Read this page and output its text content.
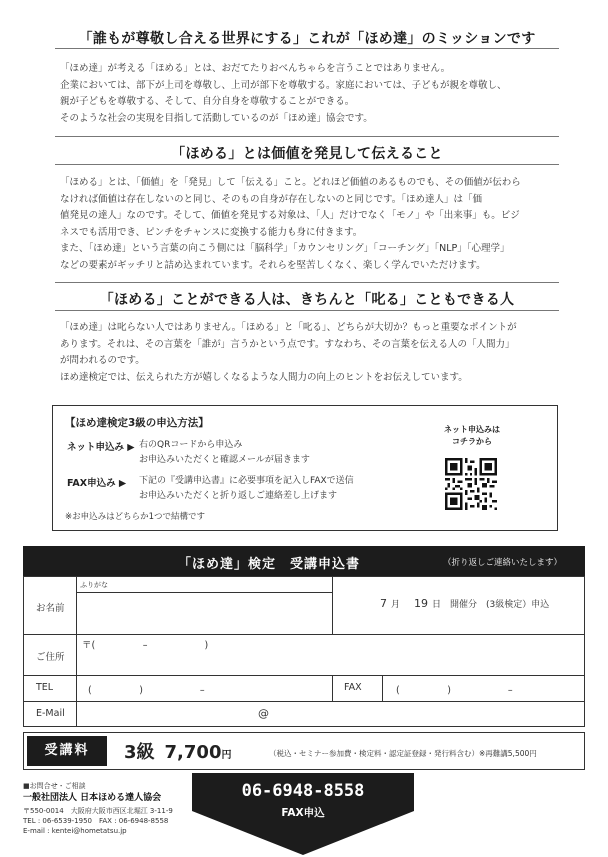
「誰もが尊敬し合える世界にする」これが「ほめ達」のミッションです

「ほめ達」が考える「ほめる」とは、おだてたりおべんちゃらを言うことではありません。

企業においては、部下が上司を尊敬し、上司が部下を尊敬する。家庭においては、子どもが親を尊敬し、

親が子どもを尊敬する、そして、自分自身を尊敬することができる。

そのような社会の実現を目指して活動しているのが「ほめ達」協会です。

「ほめる」とは価値を発見して伝えること

「ほめる」とは、「価値」を「発見」して「伝える」こと。どれほど価値のあるものでも、その価値が伝わら

なければ価値は存在しないのと同じ、そのもの自身が存在しないのと同じです。「ほめ達人」は「価

値発見の達人」なのです。そして、価値を発見する対象は、「人」だけでなく「モノ」や「出来事」も。ビジ

ネスでも活用でき、ピンチをチャンスに変換する能力も身に付きます。

また、「ほめ達」という言葉の向こう側には「脳科学」「カウンセリング」「コーチング」「NLP」「心理学」

などの要素がギッチリと詰め込まれています。それらを堅苦しくなく、楽しく学んでいただけます。

「ほめる」ことができる人は、きちんと「叱る」こともできる人

「ほめ達」は叱らない人ではありません。「ほめる」と「叱る」、どちらが大切か？もっと重要なポイントが

あります。それは、その言葉を「誰が」言うかという点です。すなわち、その言葉を伝える人の「人間力」

が問われるのです。

ほめ達検定では、伝えられた方が嬉しくなるような人間力の向上のヒントをお伝えしています。

【ほめ達検定3級の申込方法】
ネット申込み ▶ 右のQRコードから申込み
お申込みいただくと確認メールが届きます
FAX申込み ▶ 下記の『受講申込書』に必要事項を記入しFAXで送信
お申込みいただくと折り返しご連絡差し上げます
※お申込みはどちらか1つで結構です
ネット申込みは
コチラから
「ほめ達」検定　受講申込書	（折り返しご連絡いたします）
ふりがな
お名前	7 月 19 日　開催分　(3級検定）申込
ご住所
〒(　　　　　–　　　　　　)
TEL	(　　　　　)　　　　　　–	FAX	(　　　　　)　　　　　　–
E-Mail	@
受講料	3級 7,700円	（税込・セミナー参加費・検定料・認定証登録・発行料含む）※再難講5,500円
■お問合せ・ご相談
一般社団法人 日本ほめる達人協会
〒550-0014　大阪府大阪市西区北堀江 3-11-9
TEL : 06-6539-1950　FAX : 06-6948-8558
E-mail : kentei@hometatsu.jp
06-6948-8558
FAX申込
